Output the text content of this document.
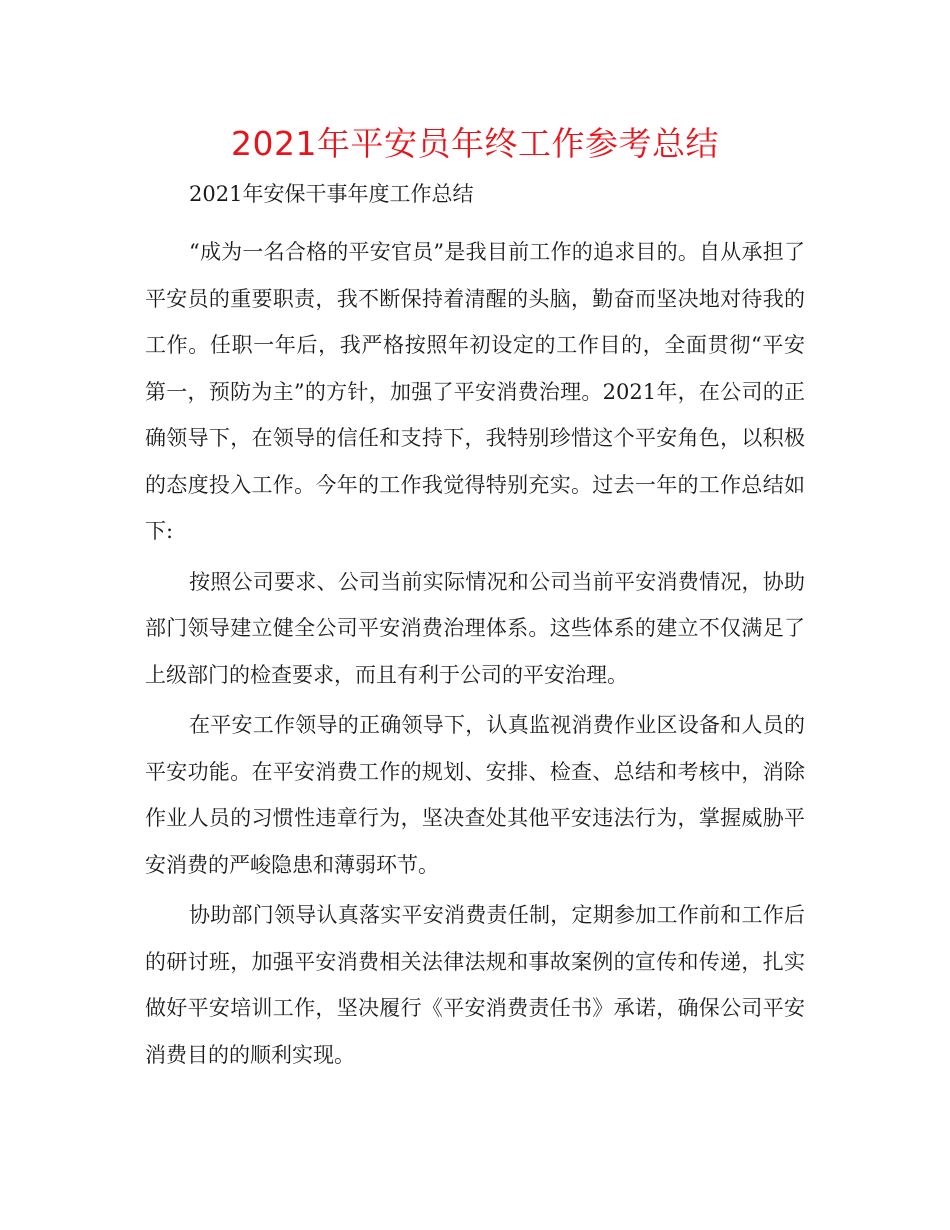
2021年平安员年终工作参考总结

2021年安保干事年度工作总结

“成为一名合格的平安官员”是我目前工作的追求目的。自从承担了平安员的重要职责，我不断保持着清醒的头脑，勤奋而坚决地对待我的工作。任职一年后，我严格按照年初设定的工作目的，全面贯彻“平安第一，预防为主”的方针，加强了平安消费治理。2021年，在公司的正确领导下，在领导的信任和支持下，我特别珍惜这个平安角色，以积极的态度投入工作。今年的工作我觉得特别充实。过去一年的工作总结如下:

按照公司要求、公司当前实际情况和公司当前平安消费情况，协助部门领导建立健全公司平安消费治理体系。这些体系的建立不仅满足了上级部门的检查要求，而且有利于公司的平安治理。

在平安工作领导的正确领导下，认真监视消费作业区设备和人员的平安功能。在平安消费工作的规划、安排、检查、总结和考核中，消除作业人员的习惯性违章行为，坚决查处其他平安违法行为，掌握威胁平安消费的严峻隐患和薄弱环节。

协助部门领导认真落实平安消费责任制，定期参加工作前和工作后的研讨班，加强平安消费相关法律法规和事故案例的宣传和传递，扎实做好平安培训工作，坚决履行《平安消费责任书》承诺，确保公司平安消费目的的顺利实现。
